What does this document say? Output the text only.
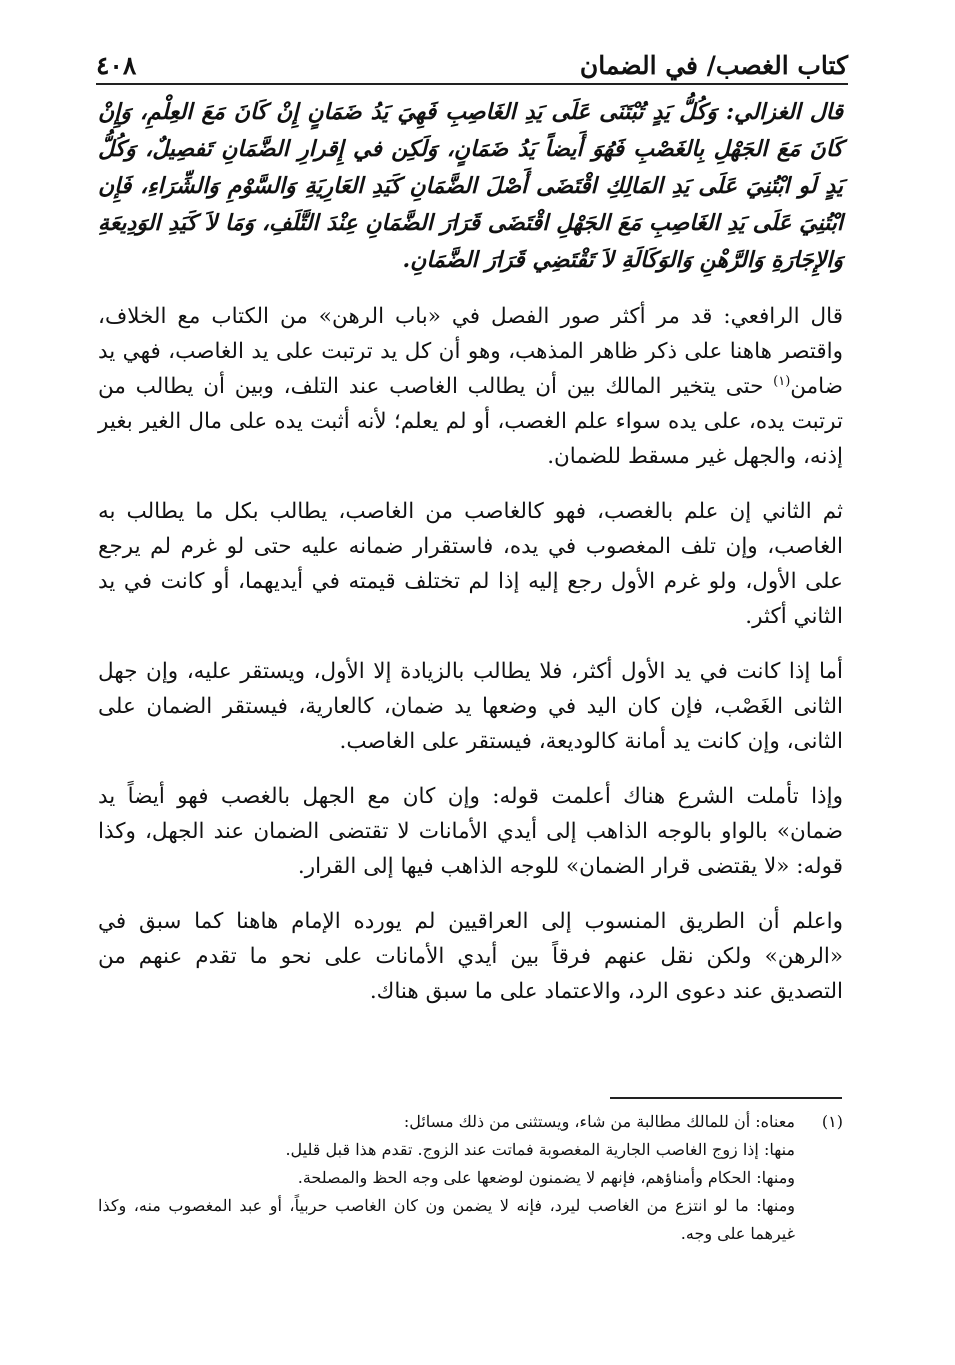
كتاب الغصب/ في الضمان
٤٠٨

قال الغزالي: وَكُلُّ يَدٍ تُبْتَنَى عَلَى يَدِ الغَاصِبِ فَهِيَ يَدُ ضَمَانٍ إِنْ كَانَ مَعَ العِلْمِ، وَإِنْ كَانَ مَعَ الجَهْلِ بِالغَصْبِ فَهُوَ أَيضاً يَدُ ضَمَانٍ، وَلَكِن في إِقرارِ الضَّمَانِ تَفصِيلٌ، وَكُلُّ يَدٍ لَو ابْتُنِيَ عَلَى يَدِ المَالِكِ اقْتَضَى أَصْلَ الضَّمَانِ كَيَدِ العَارِيَةِ وَالسَّوْمِ وَالشِّرَاءِ، فَإِن ابْتُنِيَ عَلَى يَدِ الغَاصِبِ مَعَ الجَهْلِ اقْتَضَى قَرَارَ الضَّمَانِ عِنْدَ التَّلَفِ، وَمَا لاَ كَيَدِ الوَدِيعَةِ وَالإِجَارَةِ وَالرَّهْنِ وَالوَكَالَةِ لاَ تَقْتَضِي قَرَارَ الضَّمَانِ.

قال الرافعي: قد مر أكثر صور الفصل في «باب الرهن» من الكتاب مع الخلاف، واقتصر هاهنا على ذكر ظاهر المذهب، وهو أن كل يد ترتبت على يد الغاصب، فهي يد ضامن$^{(١)}$ حتى يتخير المالك بين أن يطالب الغاصب عند التلف، وبين أن يطالب من ترتبت يده، على يده سواء علم الغصب، أو لم يعلم؛ لأنه أثبت يده على مال الغير بغير إذنه، والجهل غير مسقط للضمان.

ثم الثاني إن علم بالغصب، فهو كالغاصب من الغاصب، يطالب بكل ما يطالب به الغاصب، وإن تلف المغصوب في يده، فاستقرار ضمانه عليه حتى لو غرم لم يرجع على الأول، ولو غرم الأول رجع إليه إذا لم تختلف قيمته في أيديهما، أو كانت في يد الثاني أكثر.

أما إذا كانت في يد الأول أكثر، فلا يطالب بالزيادة إلا الأول، ويستقر عليه، وإن جهل الثانى الغَصْب، فإن كان اليد في وضعها يد ضمان، كالعارية، فيستقر الضمان على الثانى، وإن كانت يد أمانة كالوديعة، فيستقر على الغاصب.

وإذا تأملت الشرع هناك أعلمت قوله: وإن كان مع الجهل بالغصب فهو أيضاً يد ضمان» بالواو بالوجه الذاهب إلى أيدي الأمانات لا تقتضى الضمان عند الجهل، وكذا قوله: «لا يقتضى قرار الضمان» للوجه الذاهب فيها إلى القرار.

واعلم أن الطريق المنسوب إلى العراقيين لم يورده الإمام هاهنا كما سبق في «الرهن» ولكن نقل عنهم فرقاً بين أيدي الأمانات على نحو ما تقدم عنهم من التصديق عند دعوى الرد، والاعتماد على ما سبق هناك.

(١)

معناه: أن للمالك مطالبة من شاء، ويستثنى من ذلك مسائل:

منها: إذا زوج الغاصب الجارية المغصوبة فماتت عند الزوج. تقدم هذا قبل قليل.

ومنها: الحكام وأمناؤهم، فإنهم لا يضمنون لوضعها على وجه الحظ والمصلحة.

ومنها: ما لو انتزع من الغاصب ليرد، فإنه لا يضمن ون كان الغاصب حربياً، أو عبد المغصوب منه، وكذا غيرهما على وجه.
